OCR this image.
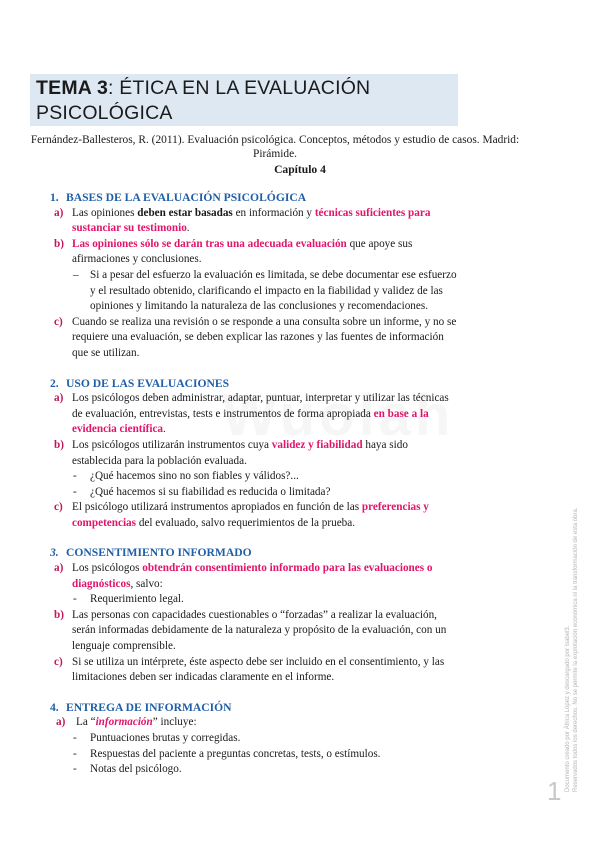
TEMA 3: ÉTICA EN LA EVALUACIÓN
PSICOLÓGICA
Fernández-Ballesteros, R. (2011). Evaluación psicológica. Conceptos, métodos y estudio de casos. Madrid: Pirámide.
Capítulo 4
1. BASES DE LA EVALUACIÓN PSICOLÓGICA

a) Las opiniones deben estar basadas en información y técnicas suficientes para sustanciar su testimonio.

b) Las opiniones sólo se darán tras una adecuada evaluación que apoye sus afirmaciones y conclusiones.

– Si a pesar del esfuerzo la evaluación es limitada, se debe documentar ese esfuerzo y el resultado obtenido, clarificando el impacto en la fiabilidad y validez de las opiniones y limitando la naturaleza de las conclusiones y recomendaciones.

c) Cuando se realiza una revisión o se responde a una consulta sobre un informe, y no se requiere una evaluación, se deben explicar las razones y las fuentes de información que se utilizan.

2. USO DE LAS EVALUACIONES

a) Los psicólogos deben administrar, adaptar, puntuar, interpretar y utilizar las técnicas de evaluación, entrevistas, tests e instrumentos de forma apropiada en base a la evidencia científica.

b) Los psicólogos utilizarán instrumentos cuya validez y fiabilidad haya sido establecida para la población evaluada.

- ¿Qué hacemos sino no son fiables y válidos?...

- ¿Qué hacemos si su fiabilidad es reducida o limitada?

c) El psicólogo utilizará instrumentos apropiados en función de las preferencias y competencias del evaluado, salvo requerimientos de la prueba.

3. CONSENTIMIENTO INFORMADO

a) Los psicólogos obtendrán consentimiento informado para las evaluaciones o diagnósticos, salvo:

- Requerimiento legal.

b) Las personas con capacidades cuestionables o “forzadas” a realizar la evaluación, serán informadas debidamente de la naturaleza y propósito de la evaluación, con un lenguaje comprensible.

c) Si se utiliza un intérprete, éste aspecto debe ser incluido en el consentimiento, y las limitaciones deben ser indicadas claramente en el informe.

4. ENTREGA DE INFORMACIÓN

a) La “información” incluye:

- Puntuaciones brutas y corregidas.

- Respuestas del paciente a preguntas concretas, tests, o estímulos.

- Notas del psicólogo.	Documento creado por África López y descargado por isabel3. Reservados todos los derechos. No se permite la explotación económica ni la transformación de esta obra.
1
